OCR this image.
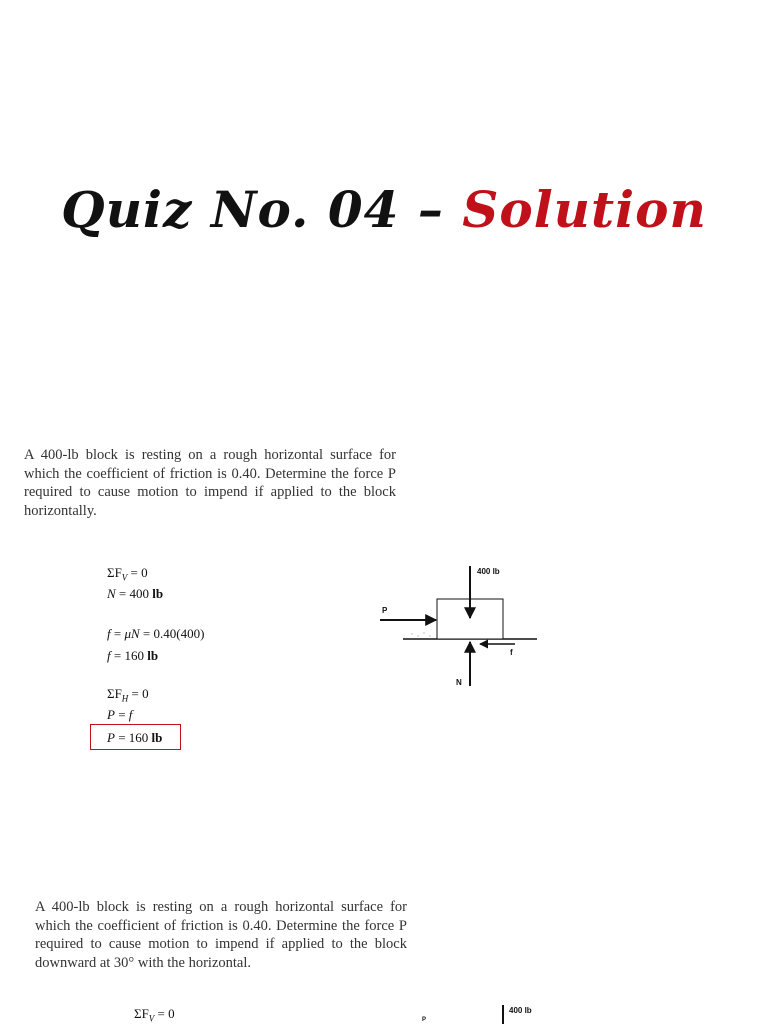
Quiz No. 04 – Solution
A 400-lb block is resting on a rough horizontal surface for which the coefficient of friction is 0.40. Determine the force P required to cause motion to impend if applied to the block horizontally.
$\Sigma F_V = 0$
N = 400 lb
f = μN = 0.40(400)
f = 160 lb
$\Sigma F_H = 0$
P = f
P = 160 lb
400 lb
P
f
N
A 400-lb block is resting on a rough horizontal surface for which the coefficient of friction is 0.40. Determine the force P required to cause motion to impend if applied to the block downward at 30° with the horizontal.
$\Sigma F_V = 0$	400 lb
P
